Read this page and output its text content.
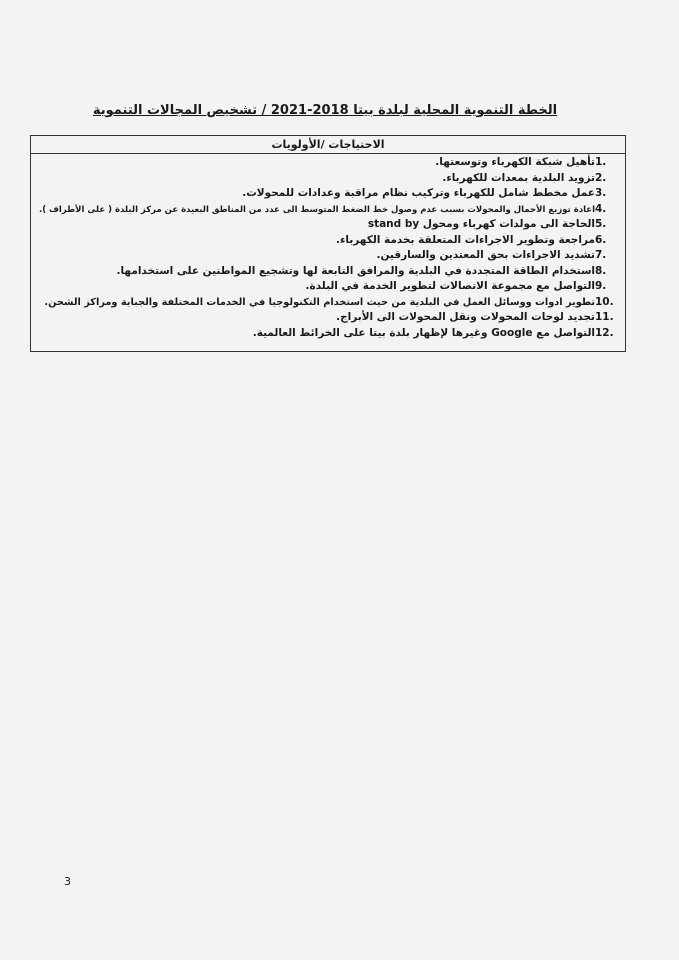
الخطة التنموية المحلية لبلدة بيتا 2018-2021 / تشخيص المجالات التنموية
الاحتياجات /الأولويات
1.
تأهيل شبكة الكهرباء وتوسعتها.
2.
تزويد البلدية بمعدات للكهرباء.
3.
عمل مخطط شامل للكهرباء وتركيب نظام مراقبة وعدادات للمحولات.
4.
اعادة توزيع الأحمال والمحولات بسبب عدم وصول خط الضغط المتوسط الى عدد من المناطق البعيدة عن مركز البلدة ( على الأطراف ).
5.
الحاجة الى مولدات كهرباء ومحول stand by
6.
مراجعة وتطوير الاجراءات المتعلقة بخدمة الكهرباء.
7.
تشديد الاجراءات بحق المعتدين والسارقين.
8.
استخدام الطاقة المتجددة في البلدية والمرافق التابعة لها وتشجيع المواطنين على استخدامها.
9.
التواصل مع مجموعة الاتصالات لتطوير الخدمة في البلدة.
10.
تطوير ادوات ووسائل العمل في البلدية من حيث استخدام التكنولوجيا في الخدمات المختلفة والجباية ومراكز الشحن.
11.
تجديد لوحات المحولات ونقل المحولات الى الأبراج.
12.
التواصل مع Google وغيرها لإظهار بلدة بيتا على الخرائط العالمية.
3
